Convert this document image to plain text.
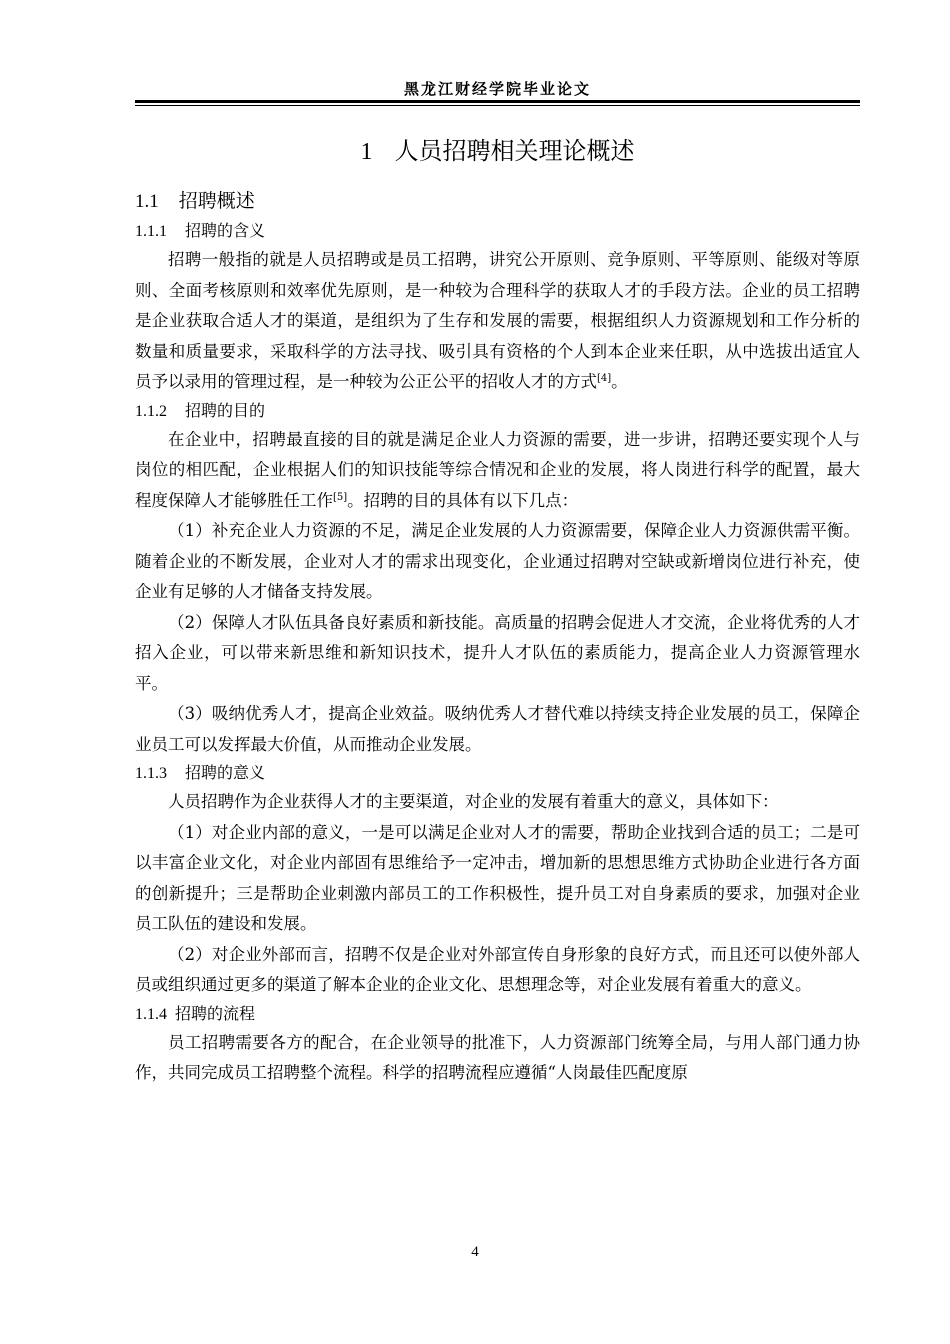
黑龙江财经学院毕业论文
1 人员招聘相关理论概述
1.1 招聘概述
1.1.1 招聘的含义

招聘一般指的就是人员招聘或是员工招聘，讲究公开原则、竞争原则、平等原则、能级对等原则、全面考核原则和效率优先原则，是一种较为合理科学的获取人才的手段方法。企业的员工招聘是企业获取合适人才的渠道，是组织为了生存和发展的需要，根据组织人力资源规划和工作分析的数量和质量要求，采取科学的方法寻找、吸引具有资格的个人到本企业来任职，从中选拔出适宜人员予以录用的管理过程，是一种较为公正公平的招收人才的方式[4]。

1.1.2 招聘的目的

在企业中，招聘最直接的目的就是满足企业人力资源的需要，进一步讲，招聘还要实现个人与岗位的相匹配，企业根据人们的知识技能等综合情况和企业的发展，将人岗进行科学的配置，最大程度保障人才能够胜任工作[5]。招聘的目的具体有以下几点：

（1）补充企业人力资源的不足，满足企业发展的人力资源需要，保障企业人力资源供需平衡。随着企业的不断发展，企业对人才的需求出现变化，企业通过招聘对空缺或新增岗位进行补充，使企业有足够的人才储备支持发展。

（2）保障人才队伍具备良好素质和新技能。高质量的招聘会促进人才交流，企业将优秀的人才招入企业，可以带来新思维和新知识技术，提升人才队伍的素质能力，提高企业人力资源管理水平。

（3）吸纳优秀人才，提高企业效益。吸纳优秀人才替代难以持续支持企业发展的员工，保障企业员工可以发挥最大价值，从而推动企业发展。

1.1.3 招聘的意义

人员招聘作为企业获得人才的主要渠道，对企业的发展有着重大的意义，具体如下：

（1）对企业内部的意义，一是可以满足企业对人才的需要，帮助企业找到合适的员工；二是可以丰富企业文化，对企业内部固有思维给予一定冲击，增加新的思想思维方式协助企业进行各方面的创新提升；三是帮助企业刺激内部员工的工作积极性，提升员工对自身素质的要求，加强对企业员工队伍的建设和发展。

（2）对企业外部而言，招聘不仅是企业对外部宣传自身形象的良好方式，而且还可以使外部人员或组织通过更多的渠道了解本企业的企业文化、思想理念等，对企业发展有着重大的意义。

1.1.4 招聘的流程

员工招聘需要各方的配合，在企业领导的批准下，人力资源部门统筹全局，与用人部门通力协作，共同完成员工招聘整个流程。科学的招聘流程应遵循“人岗最佳匹配度原

4
